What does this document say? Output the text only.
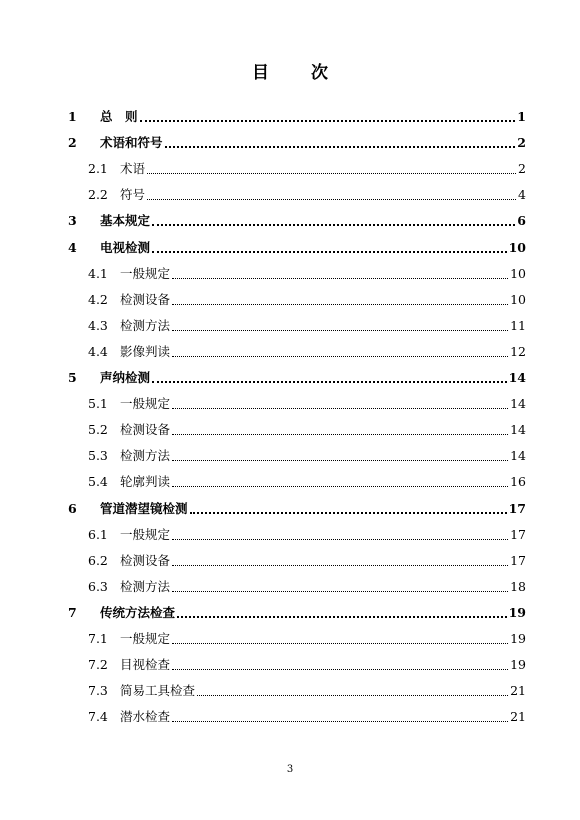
目 次
1	总　则	1
2	术语和符号	2
2.1 术语	2
2.2 符号	4
3	基本规定	6
4	电视检测	10
4.1 一般规定	10
4.2 检测设备	10
4.3 检测方法	11
4.4 影像判读	12
5	声纳检测	14
5.1 一般规定	14
5.2 检测设备	14
5.3 检测方法	14
5.4 轮廓判读	16
6	管道潜望镜检测	17
6.1 一般规定	17
6.2 检测设备	17
6.3 检测方法	18
7	传统方法检查	19
7.1 一般规定	19
7.2 目视检查	19
7.3 简易工具检查	21
7.4 潜水检查	21
3
